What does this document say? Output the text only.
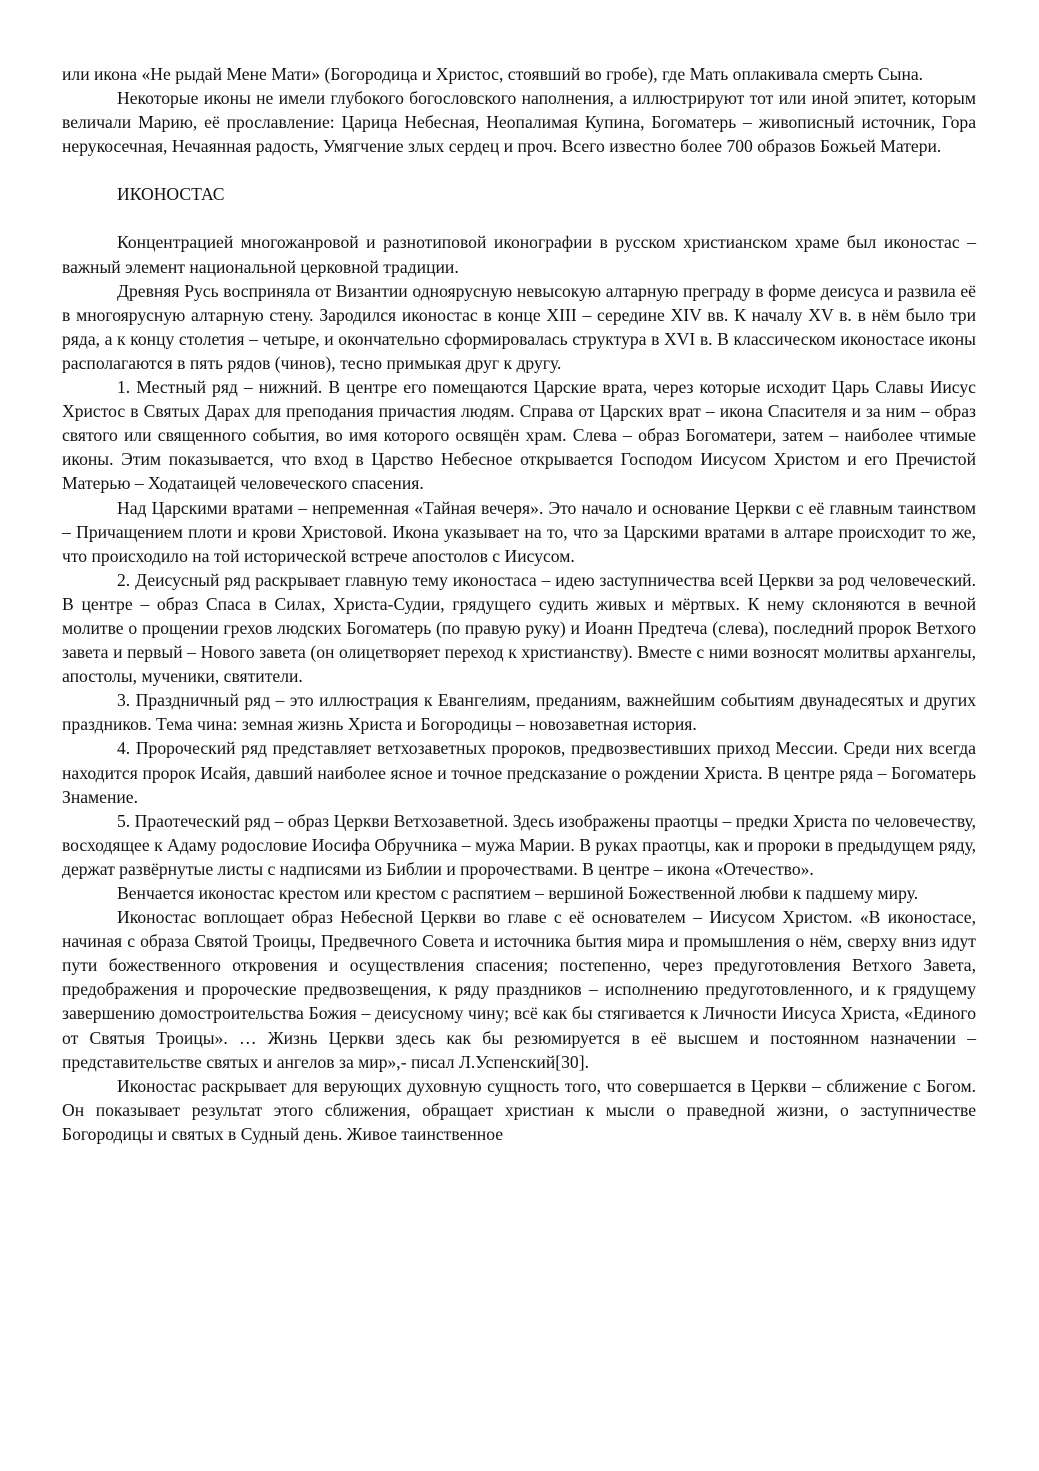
или икона «Не рыдай Мене Мати» (Богородица и Христос, стоявший во гробе), где Мать оплакивала смерть Сына.

Некоторые иконы не имели глубокого богословского наполнения, а иллюстрируют тот или иной эпитет, которым величали Марию, её прославление: Царица Небесная, Неопалимая Купина, Богоматерь – живописный источник, Гора нерукосечная, Нечаянная радость, Умягчение злых сердец и проч. Всего известно более 700 образов Божьей Матери.

ИКОНОСТАС

Концентрацией многожанровой и разнотиповой иконографии в русском христианском храме был иконостас – важный элемент национальной церковной традиции.

Древняя Русь восприняла от Византии одноярусную невысокую алтарную преграду в форме деисуса и развила её в многоярусную алтарную стену. Зародился иконостас в конце XIII – середине XIV вв. К началу XV в. в нём было три ряда, а к концу столетия – четыре, и окончательно сформировалась структура в XVI в. В классическом иконостасе иконы располагаются в пять рядов (чинов), тесно примыкая друг к другу.

1. Местный ряд – нижний. В центре его помещаются Царские врата, через которые исходит Царь Славы Иисус Христос в Святых Дарах для преподания причастия людям. Справа от Царских врат – икона Спасителя и за ним – образ святого или священного события, во имя которого освящён храм. Слева – образ Богоматери, затем – наиболее чтимые иконы. Этим показывается, что вход в Царство Небесное открывается Господом Иисусом Христом и его Пречистой Матерью – Ходатаицей человеческого спасения.

Над Царскими вратами – непременная «Тайная вечеря». Это начало и основание Церкви с её главным таинством – Причащением плоти и крови Христовой. Икона указывает на то, что за Царскими вратами в алтаре происходит то же, что происходило на той исторической встрече апостолов с Иисусом.

2. Деисусный ряд раскрывает главную тему иконостаса – идею заступничества всей Церкви за род человеческий. В центре – образ Спаса в Силах, Христа-Судии, грядущего судить живых и мёртвых. К нему склоняются в вечной молитве о прощении грехов людских Богоматерь (по правую руку) и Иоанн Предтеча (слева), последний пророк Ветхого завета и первый – Нового завета (он олицетворяет переход к христианству). Вместе с ними возносят молитвы архангелы, апостолы, мученики, святители.

3. Праздничный ряд – это иллюстрация к Евангелиям, преданиям, важнейшим событиям двунадесятых и других праздников. Тема чина: земная жизнь Христа и Богородицы – новозаветная история.

4. Пророческий ряд представляет ветхозаветных пророков, предвозвестивших приход Мессии. Среди них всегда находится пророк Исайя, давший наиболее ясное и точное предсказание о рождении Христа. В центре ряда – Богоматерь Знамение.

5. Праотеческий ряд – образ Церкви Ветхозаветной. Здесь изображены праотцы – предки Христа по человечеству, восходящее к Адаму родословие Иосифа Обручника – мужа Марии. В руках праотцы, как и пророки в предыдущем ряду, держат развёрнутые листы с надписями из Библии и пророчествами. В центре – икона «Отечество».

Венчается иконостас крестом или крестом с распятием – вершиной Божественной любви к падшему миру.

Иконостас воплощает образ Небесной Церкви во главе с её основателем – Иисусом Христом. «В иконостасе, начиная с образа Святой Троицы, Предвечного Совета и источника бытия мира и промышления о нём, сверху вниз идут пути божественного откровения и осуществления спасения; постепенно, через предуготовления Ветхого Завета, предображения и пророческие предвозвещения, к ряду праздников – исполнению предуготовленного, и к грядущему завершению домостроительства Божия – деисусному чину; всё как бы стягивается к Личности Иисуса Христа, «Единого от Святыя Троицы». … Жизнь Церкви здесь как бы резюмируется в её высшем и постоянном назначении – представительстве святых и ангелов за мир»,- писал Л.Успенский[30].

Иконостас раскрывает для верующих духовную сущность того, что совершается в Церкви – сближение с Богом. Он показывает результат этого сближения, обращает христиан к мысли о праведной жизни, о заступничестве Богородицы и святых в Судный день. Живое таинственное
